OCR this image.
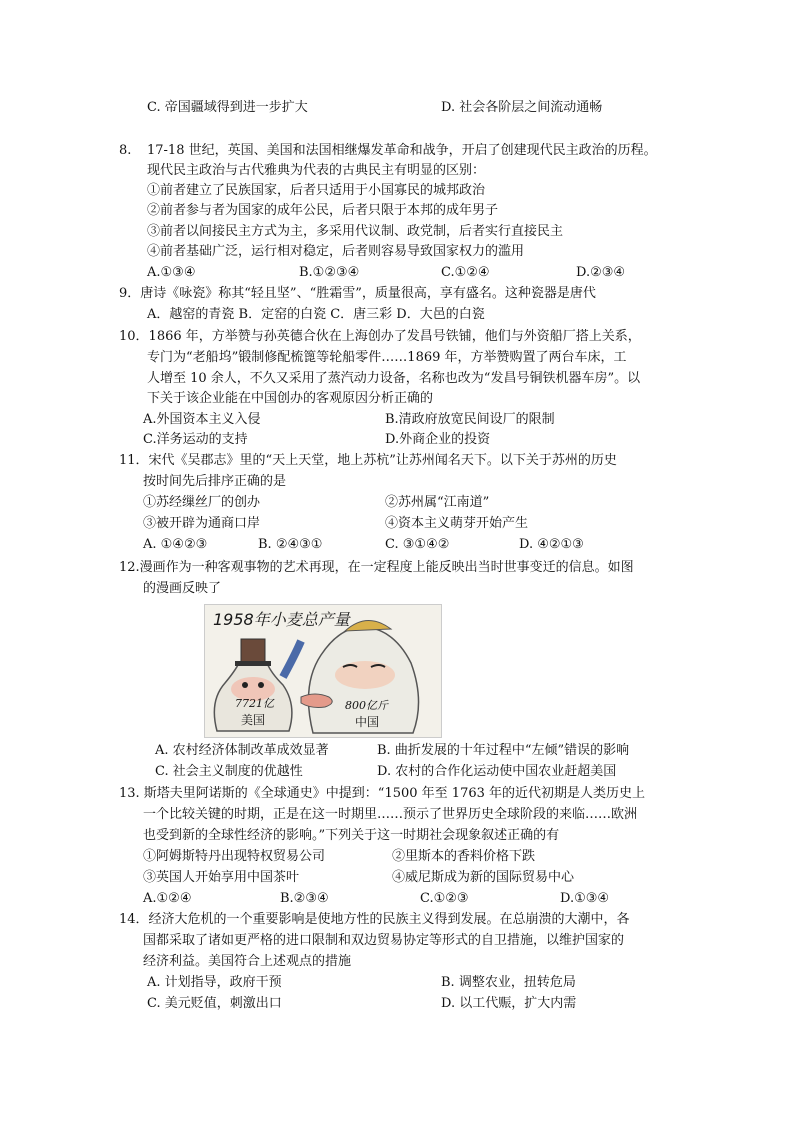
C. 帝国疆域得到进一步扩大	D. 社会各阶层之间流动通畅
8. 17-18 世纪，英国、美国和法国相继爆发革命和战争，开启了创建现代民主政治的历程。
现代民主政治与古代雅典为代表的古典民主有明显的区别：
①前者建立了民族国家，后者只适用于小国寡民的城邦政治
②前者参与者为国家的成年公民，后者只限于本邦的成年男子
③前者以间接民主方式为主，多采用代议制、政党制，后者实行直接民主
④前者基础广泛，运行相对稳定，后者则容易导致国家权力的滥用
A.①③④	B.①②③④	C.①②④	D.②③④
9．唐诗《咏瓷》称其“轻且坚”、“胜霜雪”，质量很高，享有盛名。这种瓷器是唐代
A．越窑的青瓷 B．定窑的白瓷 C．唐三彩 D．大邑的白瓷
10．1866 年，方举赞与孙英德合伙在上海创办了发昌号铁铺，他们与外资船厂搭上关系，
专门为“老船坞”锻制修配梳篦等轮船零件……1869 年，方举赞购置了两台车床，工
人增至 10 余人，不久又采用了蒸汽动力设备，名称也改为“发昌号铜铁机器车房”。以
下关于该企业能在中国创办的客观原因分析正确的
A.外国资本主义入侵	B.清政府放宽民间设厂的限制
C.洋务运动的支持	D.外商企业的投资
11．宋代《吴郡志》里的“天上天堂，地上苏杭”让苏州闻名天下。以下关于苏州的历史
按时间先后排序正确的是
①苏经缫丝厂的创办	②苏州属“江南道”
③被开辟为通商口岸	④资本主义萌芽开始产生
A. ①④②③	B. ②④③①	C. ③①④②	D. ④②①③
12.漫画作为一种客观事物的艺术再现，在一定程度上能反映出当时世事变迁的信息。如图
的漫画反映了
1958年小麦总产量
7721亿
美国
800亿斤
中国
A. 农村经济体制改革成效显著	B. 曲折发展的十年过程中“左倾”错误的影响
C. 社会主义制度的优越性	D. 农村的合作化运动使中国农业赶超美国
13. 斯塔夫里阿诺斯的《全球通史》中提到：“1500 年至 1763 年的近代初期是人类历史上
一个比较关键的时期，正是在这一时期里……预示了世界历史全球阶段的来临……欧洲
也受到新的全球性经济的影响。”下列关于这一时期社会现象叙述正确的有
①阿姆斯特丹出现特权贸易公司	②里斯本的香料价格下跌
③英国人开始享用中国茶叶	④威尼斯成为新的国际贸易中心
A.①②④	B.②③④	C.①②③	D.①③④
14．经济大危机的一个重要影响是使地方性的民族主义得到发展。在总崩溃的大潮中，各
国都采取了诸如更严格的进口限制和双边贸易协定等形式的自卫措施，以维护国家的
经济利益。美国符合上述观点的措施
A. 计划指导，政府干预	B. 调整农业，扭转危局
C. 美元贬值，刺激出口	D. 以工代赈，扩大内需
